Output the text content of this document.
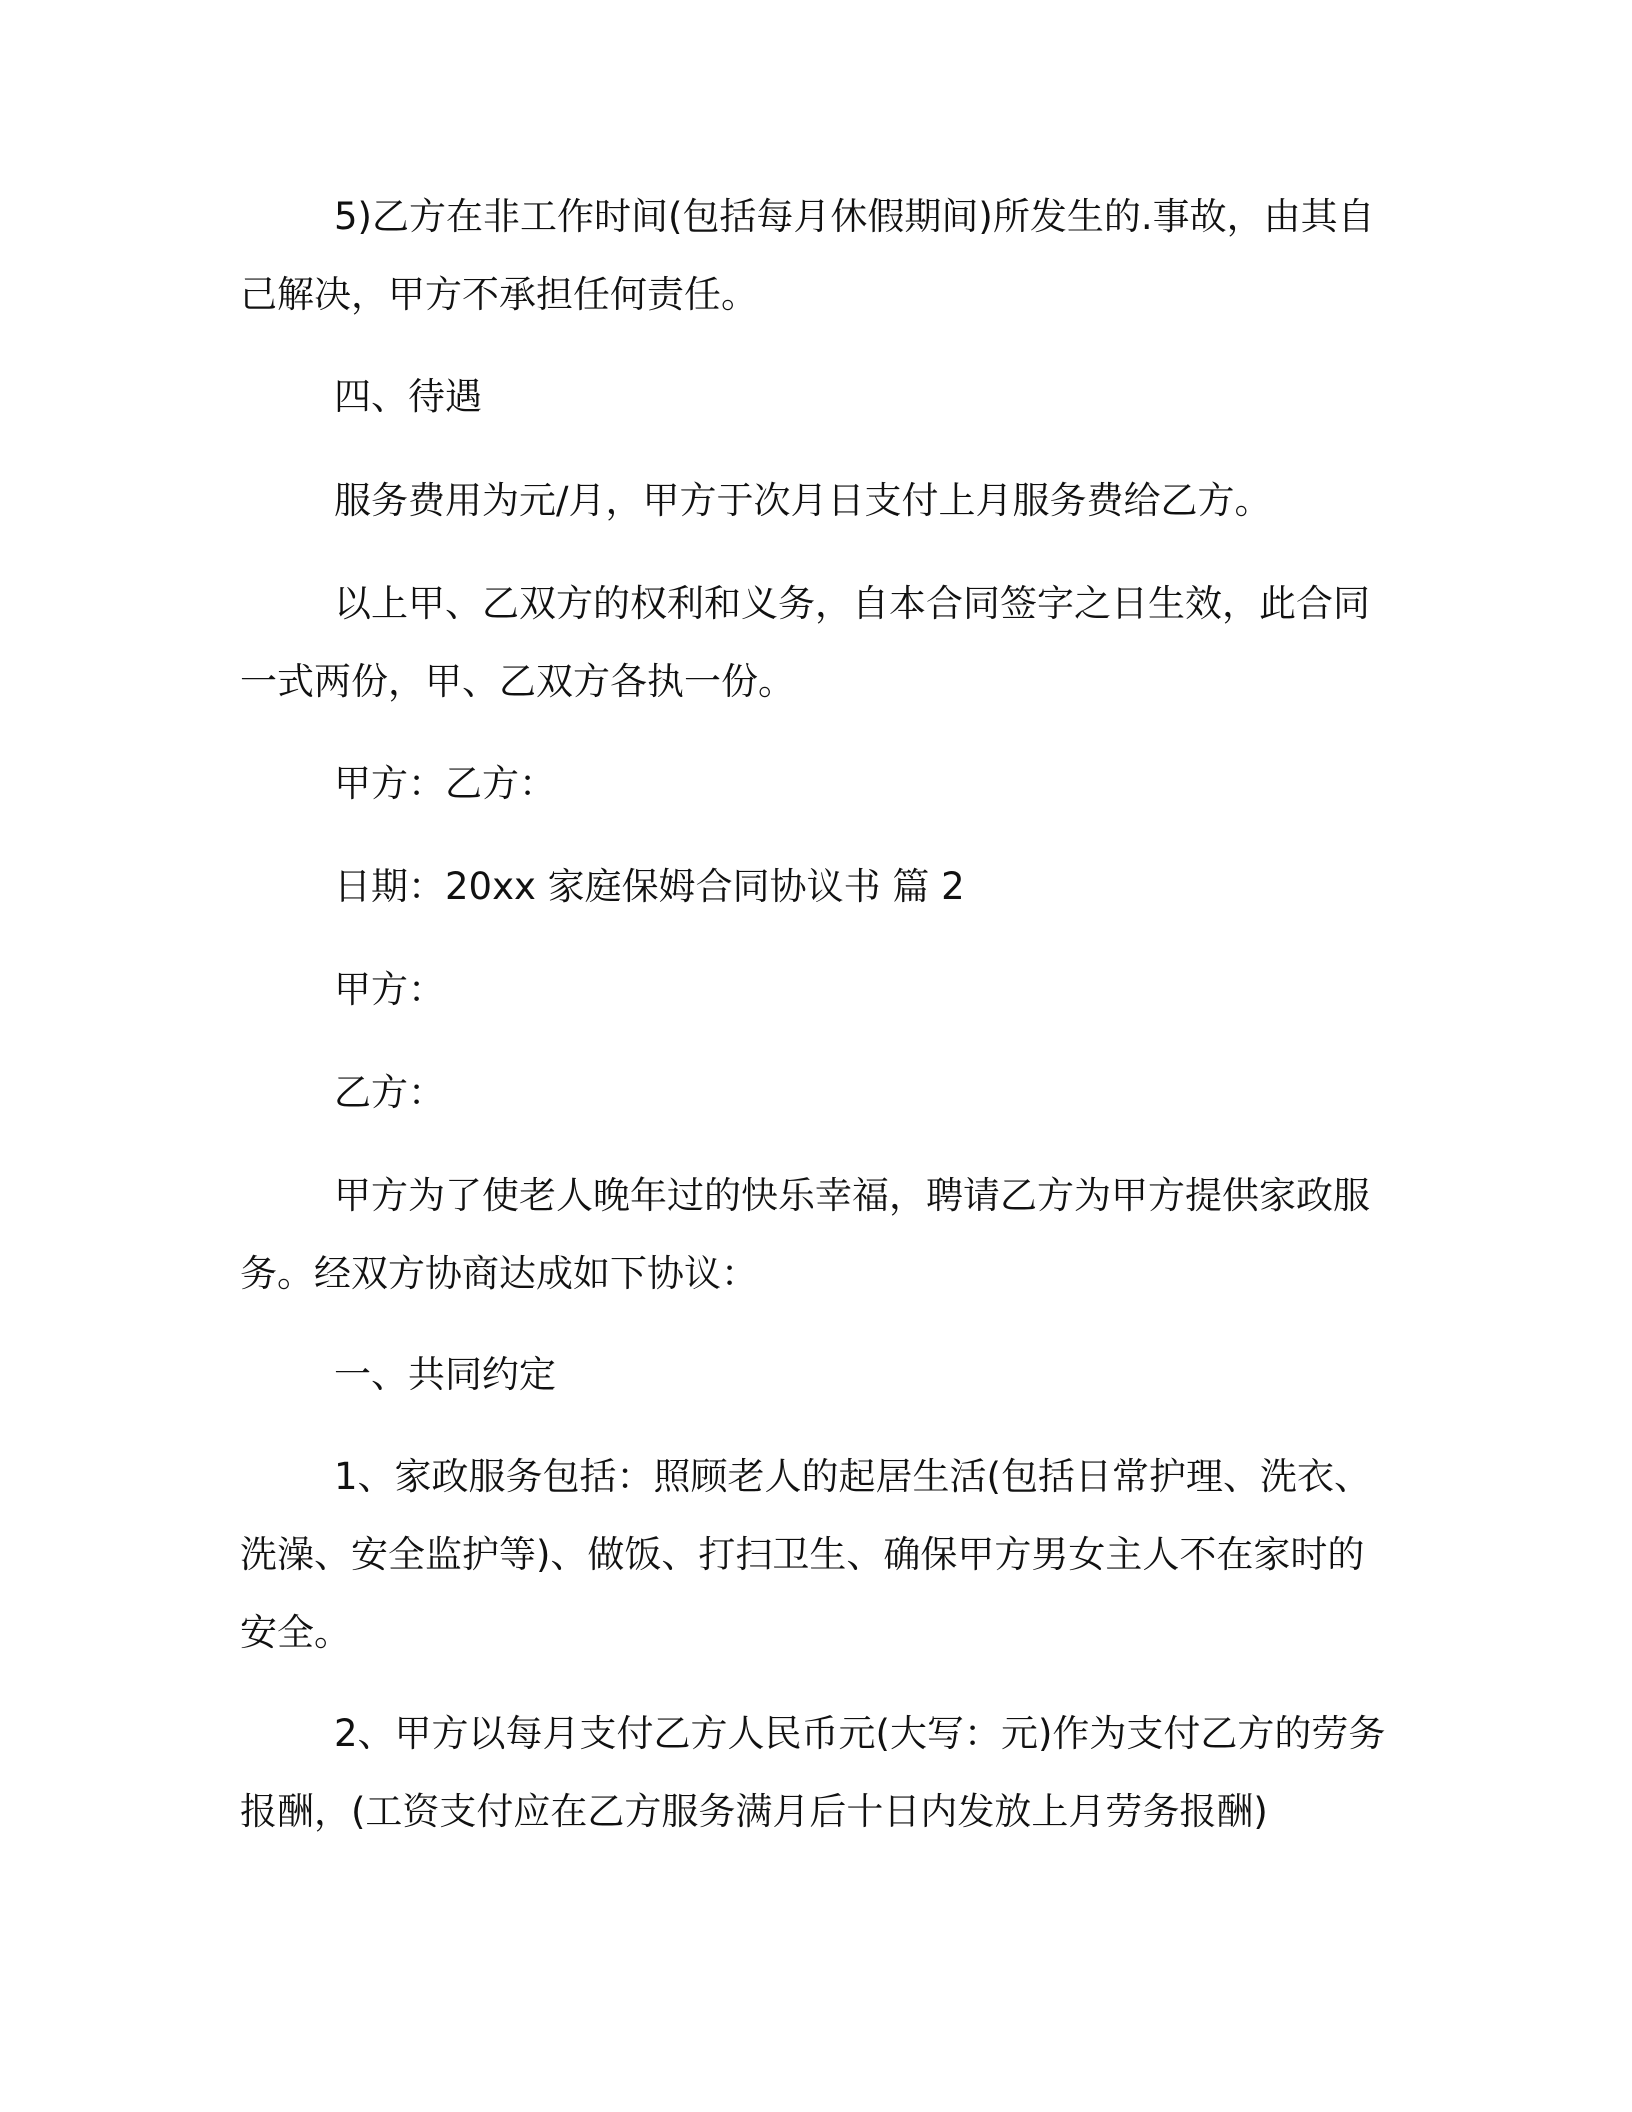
5)乙方在非工作时间(包括每月休假期间)所发生的.事故，由其自己解决，甲方不承担任何责任。

四、待遇

服务费用为元/月，甲方于次月日支付上月服务费给乙方。

以上甲、乙双方的权利和义务，自本合同签字之日生效，此合同一式两份，甲、乙双方各执一份。

甲方：乙方：

日期：20xx 家庭保姆合同协议书 篇 2

甲方：

乙方：

甲方为了使老人晚年过的快乐幸福，聘请乙方为甲方提供家政服务。经双方协商达成如下协议：

一、共同约定

1、家政服务包括：照顾老人的起居生活(包括日常护理、洗衣、洗澡、安全监护等)、做饭、打扫卫生、确保甲方男女主人不在家时的安全。

2、甲方以每月支付乙方人民币元(大写：元)作为支付乙方的劳务报酬，(工资支付应在乙方服务满月后十日内发放上月劳务报酬)
